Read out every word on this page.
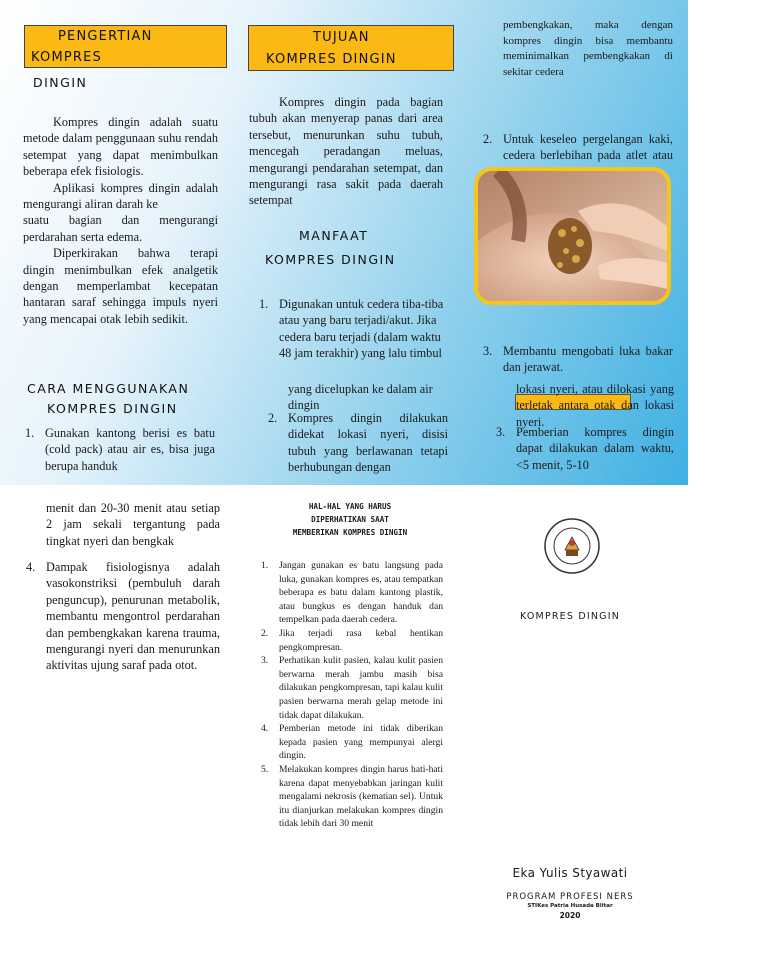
PENGERTIAN
KOMPRES
DINGIN

Kompres dingin adalah suatu metode dalam penggunaan suhu rendah setempat yang dapat menimbulkan beberapa efek fisiologis.

Aplikasi kompres dingin adalah mengurangi aliran darah ke

suatu bagian dan mengurangi perdarahan serta edema.

Diperkirakan bahwa terapi dingin menimbulkan efek analgetik dengan memperlambat kecepatan hantaran saraf sehingga impuls nyeri yang mencapai otak lebih sedikit.

CARA MENGGUNAKAN
KOMPRES DINGIN
1. Gunakan kantong berisi es batu (cold pack) atau air es, bisa juga berupa handuk
TUJUAN
KOMPRES DINGIN

Kompres dingin pada bagian tubuh akan menyerap panas dari area tersebut, menurunkan suhu tubuh, mencegah peradangan meluas, mengurangi pendarahan setempat, dan mengurangi rasa sakit pada daerah setempat

MANFAAT
KOMPRES DINGIN
1. Digunakan untuk cedera tiba-tiba atau yang baru terjadi/akut. Jika cedera baru terjadi (dalam waktu 48 jam terakhir) yang lalu timbul
yang dicelupkan ke dalam air dingin
2. Kompres dingin dilakukan didekat lokasi nyeri, disisi tubuh yang berlawanan tetapi berhubungan dengan
pembengkakan, maka dengan kompres dingin bisa membantu meminimalkan pembengkakan di sekitar cedera
2. Untuk keseleo pergelangan kaki, cedera berlebihan pada atlet atau
3. Membantu mengobati luka bakar dan jerawat.
lokasi nyeri, atau dilokasi yang terletak antara otak dan lokasi nyeri.
3. Pemberian kompres dingin dapat dilakukan dalam waktu, <5 menit, 5-10
menit dan 20-30 menit atau setiap 2 jam sekali tergantung pada tingkat nyeri dan bengkak
4. Dampak fisiologisnya adalah vasokonstriksi (pembuluh darah penguncup), penurunan metabolik, membantu mengontrol perdarahan dan pembengkakan karena trauma, mengurangi nyeri dan menurunkan aktivitas ujung saraf pada otot.
HAL-HAL YANG HARUS
DIPERHATIKAN SAAT
MEMBERIKAN KOMPRES DINGIN
1. Jangan gunakan es batu langsung pada luka, gunakan kompres es, atau tempatkan beberapa es batu dalam kantong plastik, atau bungkus es dengan handuk dan tempelkan pada daerah cedera.
2. Jika terjadi rasa kebal hentikan pengkompresan.
3. Perhatikan kulit pasien, kalau kulit pasien berwarna merah jambu masih bisa dilakukan pengkompresan, tapi kalau kulit pasien berwarna merah gelap metode ini tidak dapat dilakukan.
4. Pemberian metode ini tidak diberikan kepada pasien yang mempunyai alergi dingin.
5. Melakukan kompres dingin harus hati-hati karena dapat menyebabkan jaringan kulit mengalami nekrosis (kematian sel). Untuk itu dianjurkan melakukan kompres dingin tidak lebih dari 30 menit
KOMPRES DINGIN
Eka Yulis Styawati
PROGRAM PROFESI NERS
STIKes Patria Husada Blitar
2020
